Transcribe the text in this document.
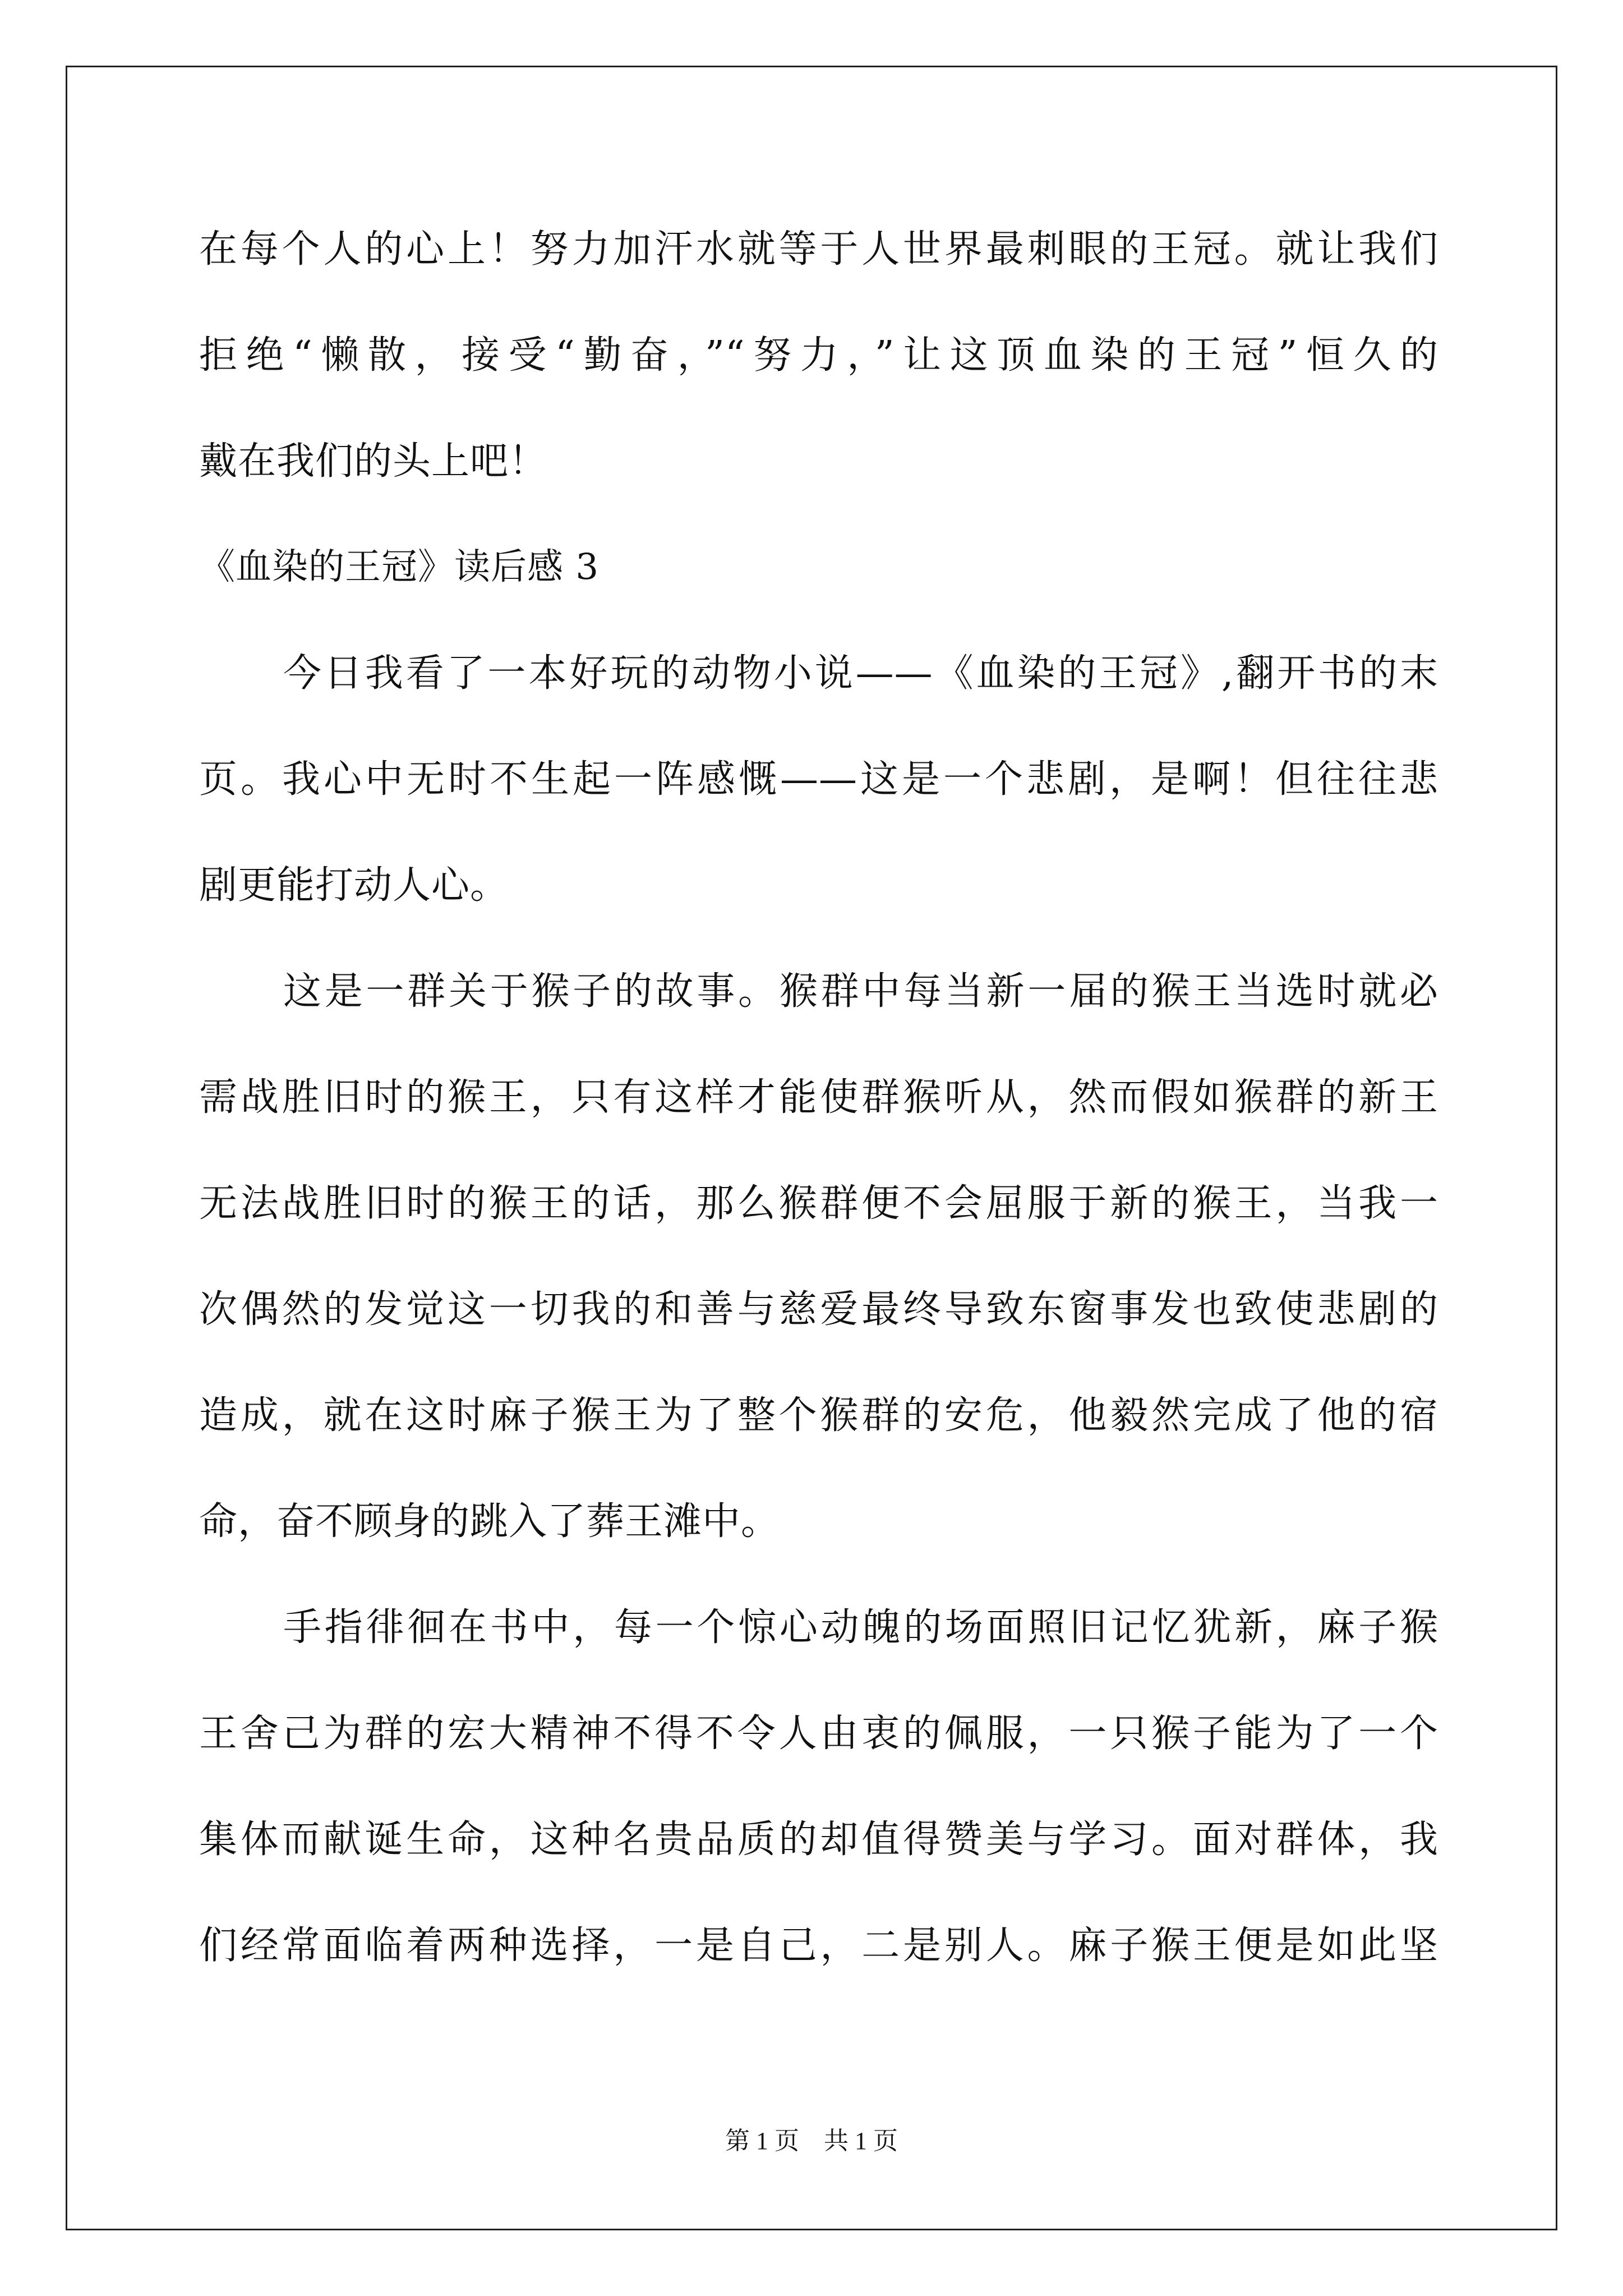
在每个人的心上！努力加汗水就等于人世界最刺眼的王冠。就让我们
拒绝“懒散，接受“勤奋，”“努力，”让这顶血染的王冠”恒久的
戴在我们的头上吧！
《血染的王冠》读后感 3
今日我看了一本好玩的动物小说——《血染的王冠》,翻开书的末
页。我心中无时不生起一阵感慨——这是一个悲剧，是啊！但往往悲
剧更能打动人心。
这是一群关于猴子的故事。猴群中每当新一届的猴王当选时就必
需战胜旧时的猴王，只有这样才能使群猴听从，然而假如猴群的新王
无法战胜旧时的猴王的话，那么猴群便不会屈服于新的猴王，当我一
次偶然的发觉这一切我的和善与慈爱最终导致东窗事发也致使悲剧的
造成，就在这时麻子猴王为了整个猴群的安危，他毅然完成了他的宿
命，奋不顾身的跳入了葬王滩中。
手指徘徊在书中，每一个惊心动魄的场面照旧记忆犹新，麻子猴
王舍己为群的宏大精神不得不令人由衷的佩服，一只猴子能为了一个
集体而献诞生命，这种名贵品质的却值得赞美与学习。面对群体，我
们经常面临着两种选择，一是自己，二是别人。麻子猴王便是如此坚
第 1 页　共 1 页
